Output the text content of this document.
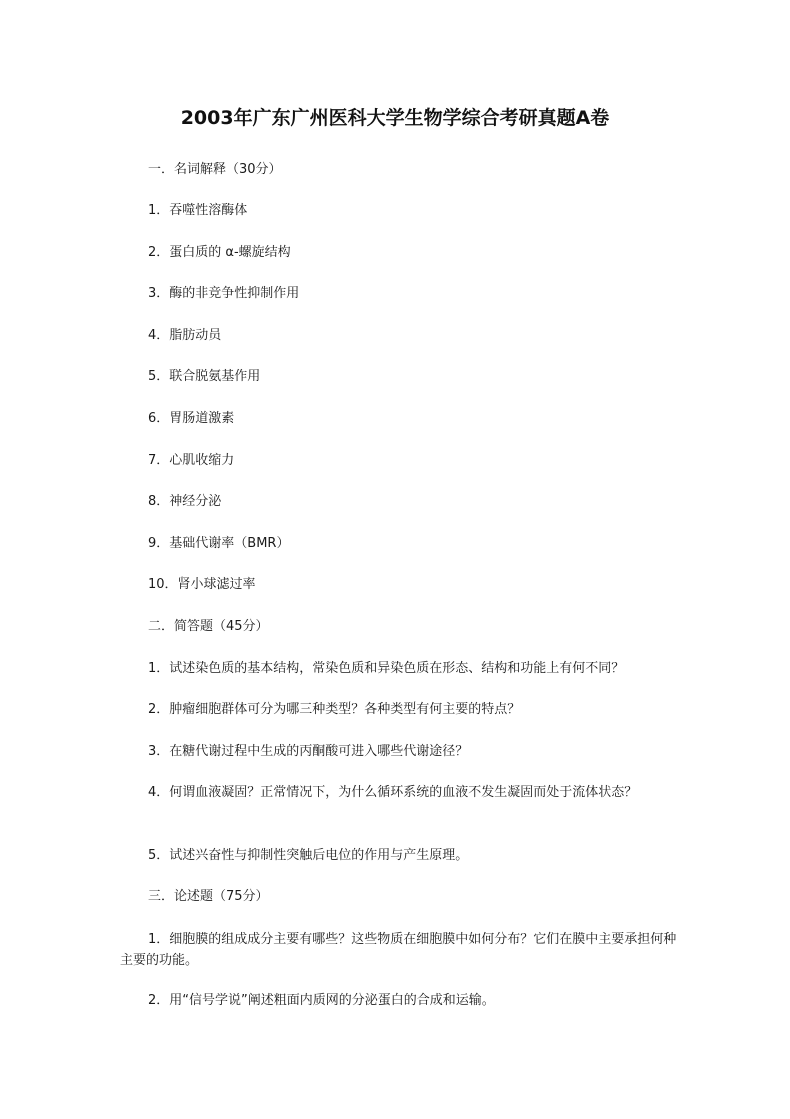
2003年广东广州医科大学生物学综合考研真题A卷
一．名词解释（30分）
1．吞噬性溶酶体
2．蛋白质的 α-螺旋结构
3．酶的非竞争性抑制作用
4．脂肪动员
5．联合脱氨基作用
6．胃肠道激素
7．心肌收缩力
8．神经分泌
9．基础代谢率（BMR）
10．肾小球滤过率
二．简答题（45分）
1．试述染色质的基本结构，常染色质和异染色质在形态、结构和功能上有何不同？
2．肿瘤细胞群体可分为哪三种类型？各种类型有何主要的特点？
3．在糖代谢过程中生成的丙酮酸可进入哪些代谢途径？
4．何谓血液凝固？正常情况下，为什么循环系统的血液不发生凝固而处于流体状态？
5．试述兴奋性与抑制性突触后电位的作用与产生原理。
三．论述题（75分）
1．细胞膜的组成成分主要有哪些？这些物质在细胞膜中如何分布？它们在膜中主要承担何种主要的功能。
2．用“信号学说”阐述粗面内质网的分泌蛋白的合成和运输。
